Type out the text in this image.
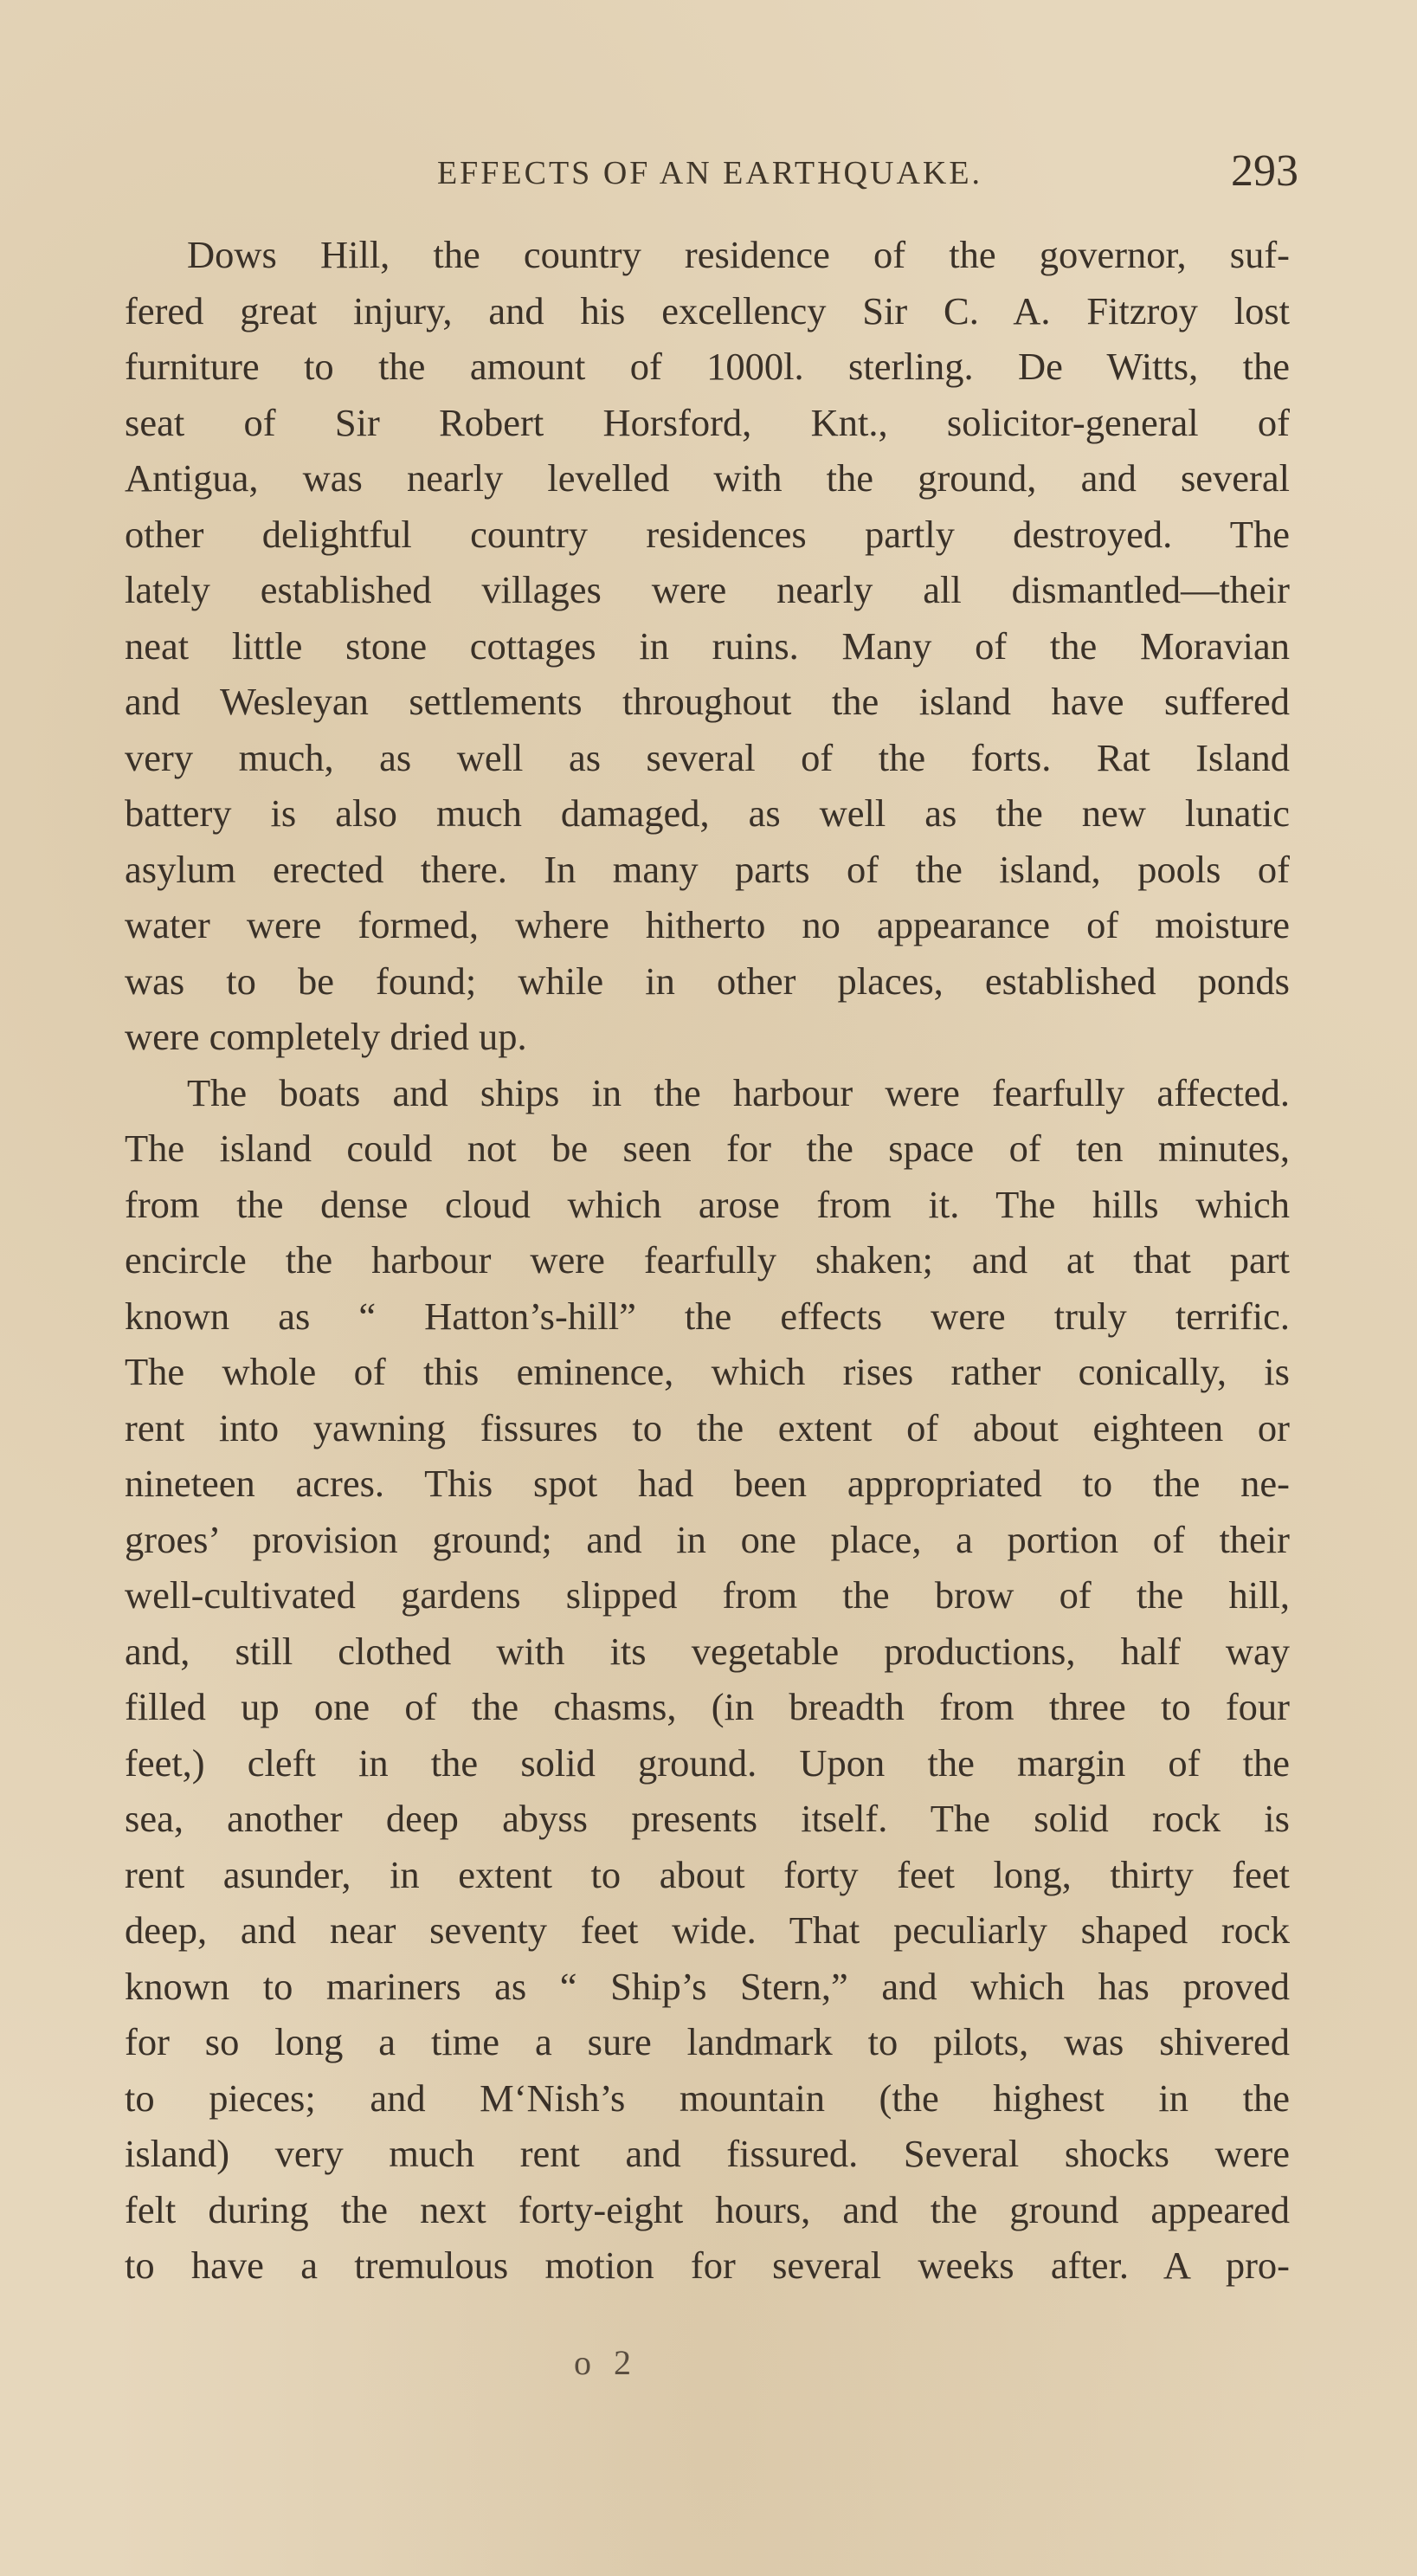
EFFECTS OF AN EARTHQUAKE.	293
Dows Hill, the country residence of the governor, suf-
fered great injury, and his excellency Sir C. A. Fitzroy lost
furniture to the amount of 1000l. sterling. De Witts, the
seat of Sir Robert Horsford, Knt., solicitor-general of
Antigua, was nearly levelled with the ground, and several
other delightful country residences partly destroyed. The
lately established villages were nearly all dismantled—their
neat little stone cottages in ruins. Many of the Moravian
and Wesleyan settlements throughout the island have suffered
very much, as well as several of the forts. Rat Island
battery is also much damaged, as well as the new lunatic
asylum erected there. In many parts of the island, pools of
water were formed, where hitherto no appearance of moisture
was to be found; while in other places, established ponds
were completely dried up.
The boats and ships in the harbour were fearfully affected.
The island could not be seen for the space of ten minutes,
from the dense cloud which arose from it. The hills which
encircle the harbour were fearfully shaken; and at that part
known as “ Hatton’s-hill” the effects were truly terrific.
The whole of this eminence, which rises rather conically, is
rent into yawning fissures to the extent of about eighteen or
nineteen acres. This spot had been appropriated to the ne-
groes’ provision ground; and in one place, a portion of their
well-cultivated gardens slipped from the brow of the hill,
and, still clothed with its vegetable productions, half way
filled up one of the chasms, (in breadth from three to four
feet,) cleft in the solid ground. Upon the margin of the
sea, another deep abyss presents itself. The solid rock is
rent asunder, in extent to about forty feet long, thirty feet
deep, and near seventy feet wide. That peculiarly shaped rock
known to mariners as “ Ship’s Stern,” and which has proved
for so long a time a sure landmark to pilots, was shivered
to pieces; and M‘Nish’s mountain (the highest in the
island) very much rent and fissured. Several shocks were
felt during the next forty-eight hours, and the ground appeared
to have a tremulous motion for several weeks after. A pro-
o 2
